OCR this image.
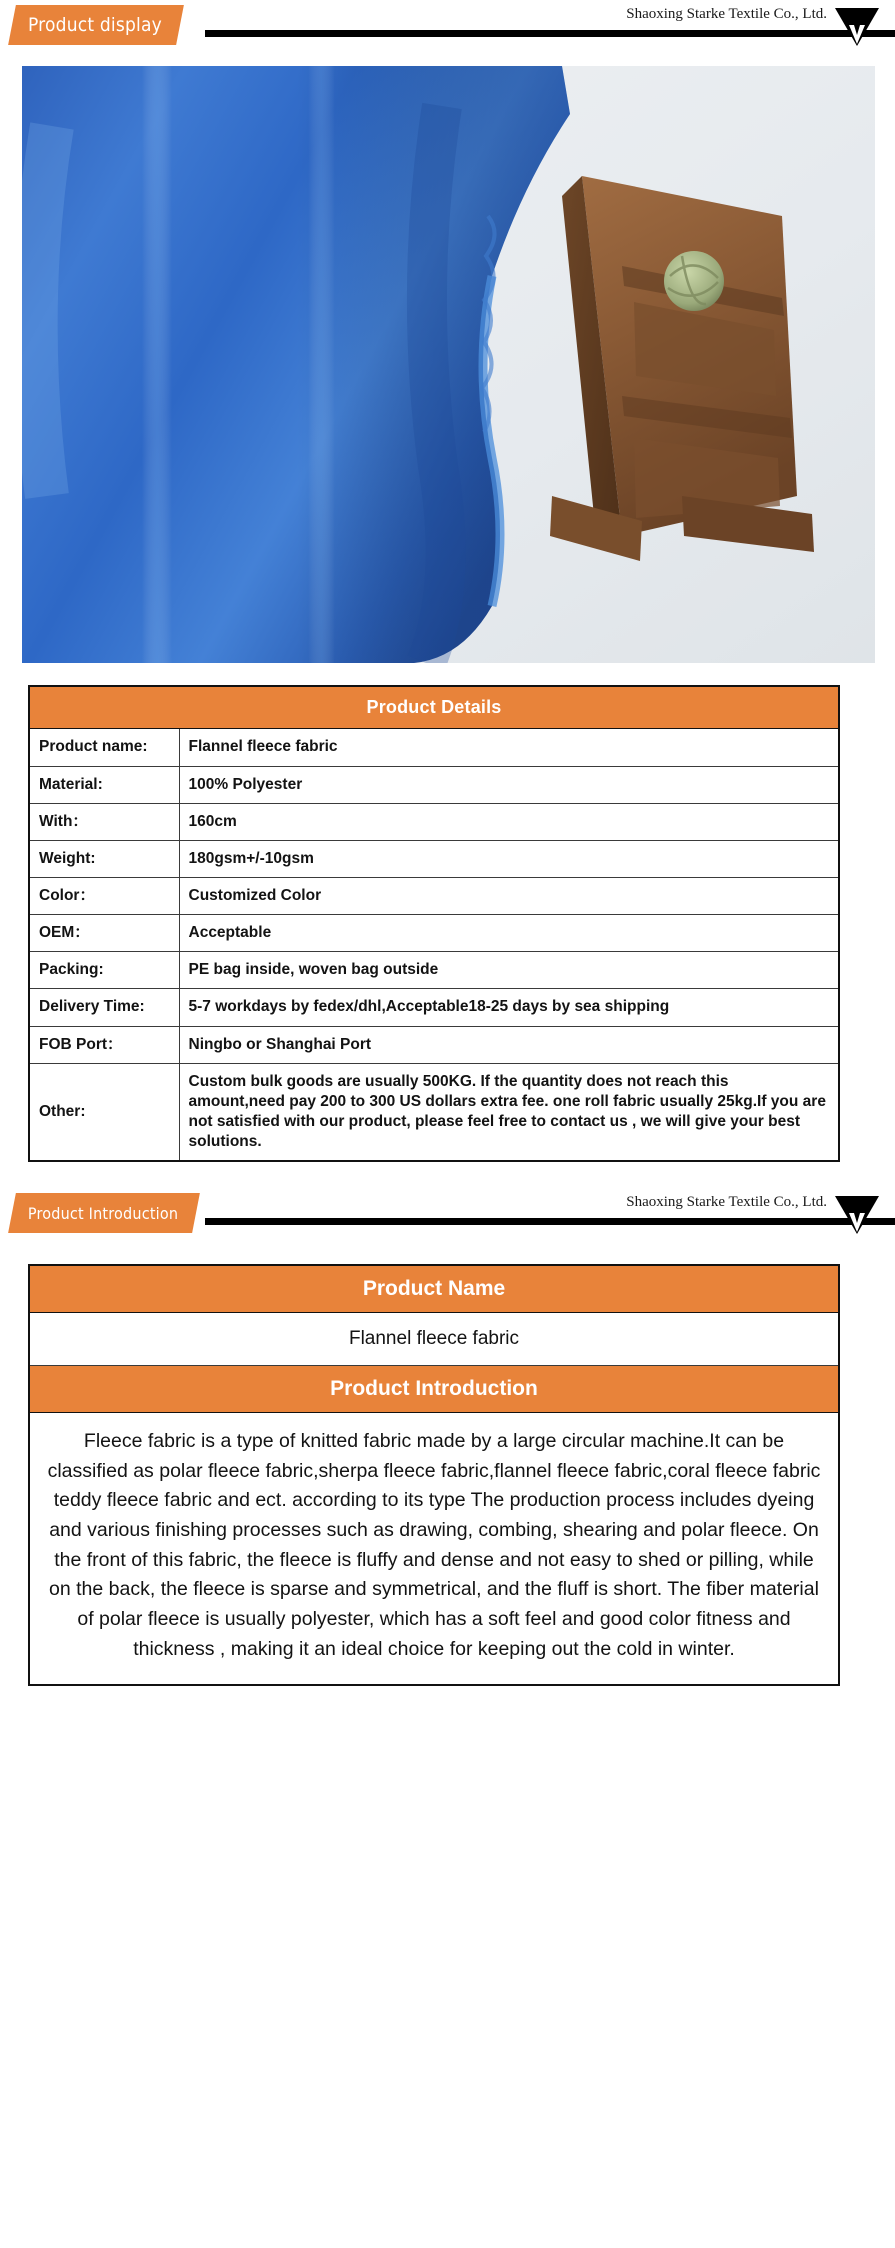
Product display	Shaoxing Starke Textile Co., Ltd.
Product Details	
Product name:	Flannel fleece fabric
Material:	100% Polyester
With：	160cm
Weight:	180gsm+/-10gsm
Color：	Customized Color
OEM：	Acceptable
Packing:	PE bag inside, woven bag outside
Delivery Time:	5-7 workdays by fedex/dhl,Acceptable18-25 days by sea shipping
FOB Port：	Ningbo or Shanghai Port
Other:	Custom bulk goods are usually 500KG. If the quantity does not reach this amount,need pay 200 to 300 US dollars extra fee. one roll fabric usually 25kg.If you are not satisfied with our product, please feel free to contact us , we will give your best solutions.
Product Introduction
Shaoxing Starke Textile Co., Ltd.
Product Name
Flannel fleece fabric
Product Introduction
Fleece fabric is a type of knitted fabric made by a large circular machine.It can be classified as polar fleece fabric,sherpa fleece fabric,flannel fleece fabric,coral fleece fabric teddy fleece fabric and ect. according to its type The production process includes dyeing and various finishing processes such as drawing, combing, shearing and polar fleece. On the front of this fabric, the fleece is fluffy and dense and not easy to shed or pilling, while on the back, the fleece is sparse and symmetrical, and the fluff is short. The fiber material of polar fleece is usually polyester, which has a soft feel and good color fitness and thickness , making it an ideal choice for keeping out the cold in winter.
